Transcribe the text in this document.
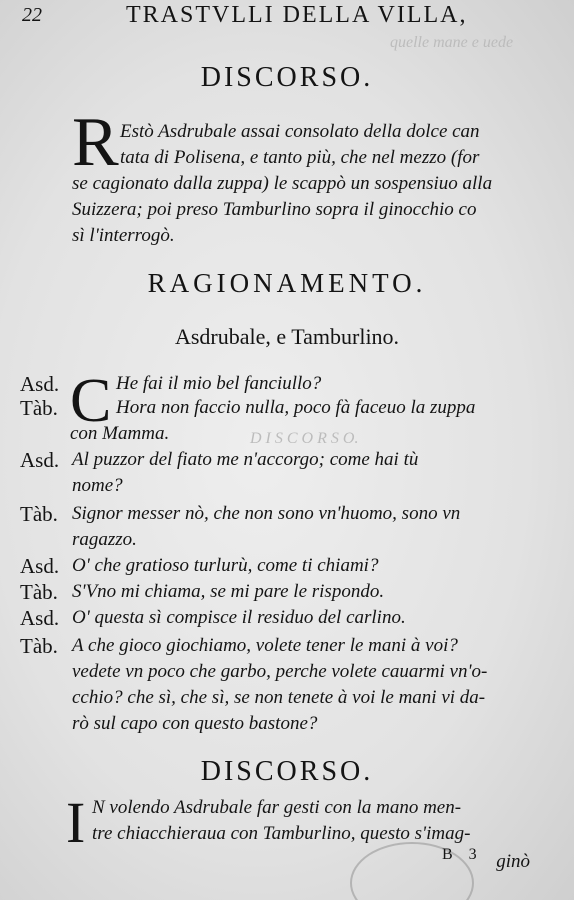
quelle mane e uede
D I S C O R S O.
22	TRASTVLLI DELLA VILLA,
DISCORSO.
R Estò Asdrubale assai consolato della dolce can
tata di Polisena, e tanto più, che nel mezzo (for
se cagionato dalla zuppa) le scappò un sospensiuo alla
Suizzera; poi preso Tamburlino sopra il ginocchio co
sì l'interrogò.
RAGIONAMENTO.
Asdrubale, e Tamburlino.
C
Asd.	He fai il mio bel fanciullo?
Tàb.	Hora non faccio nulla, poco fà faceuo la zuppa
con Mamma.
Asd. Al puzzor del fiato me n'accorgo; come hai tù
nome?
Tàb. Signor messer nò, che non sono vn'huomo, sono vn
ragazzo.
Asd. O' che gratioso turlurù, come ti chiami?
Tàb. S'Vno mi chiama, se mi pare le rispondo.
Asd. O' questa sì compisce il residuo del carlino.
Tàb. A che gioco giochiamo, volete tener le mani à voi?
vedete vn poco che garbo, perche volete cauarmi vn'o-
cchio? che sì, che sì, se non tenete à voi le mani vi da-
rò sul capo con questo bastone?
DISCORSO.
I N volendo Asdrubale far gesti con la mano men-
tre chiacchieraua con Tamburlino, questo s'imag-
ginò
B 3
